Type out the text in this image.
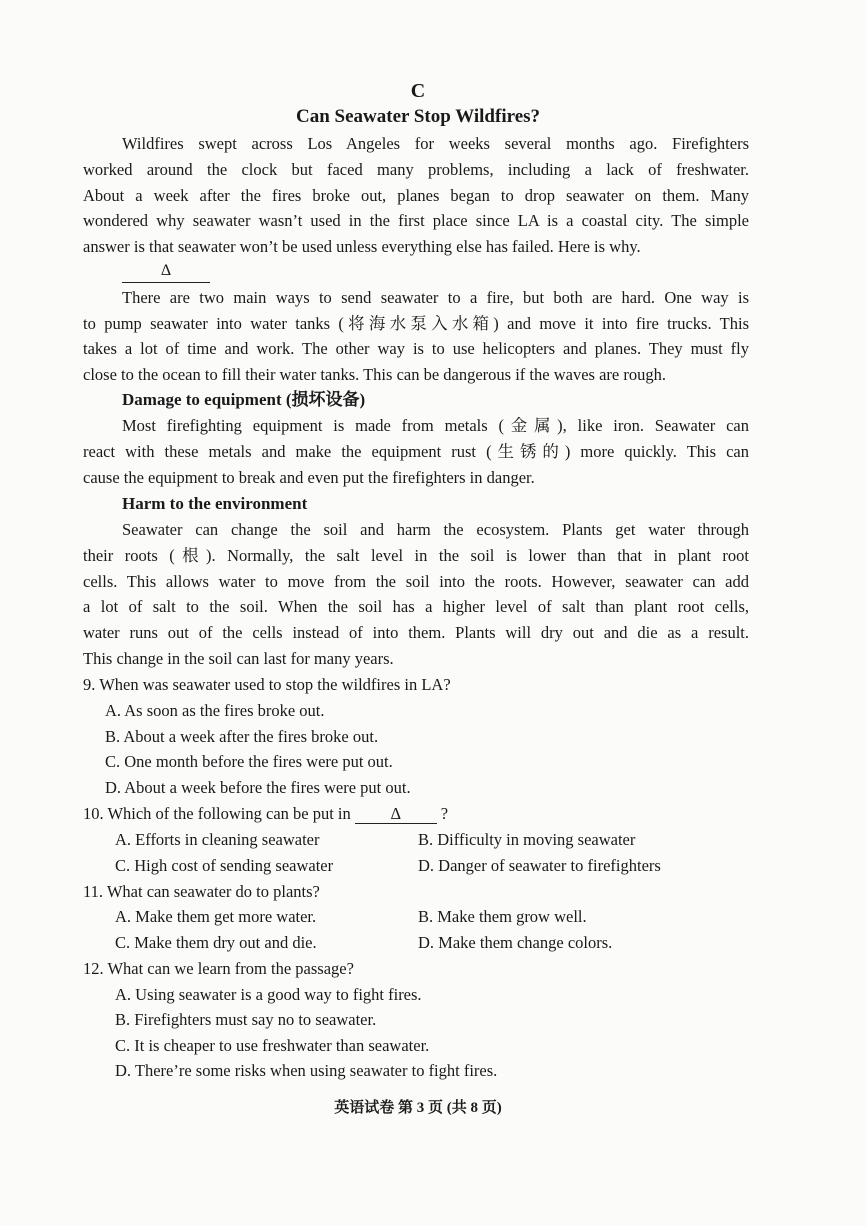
C
Can Seawater Stop Wildfires?
Wildfires swept across Los Angeles for weeks several months ago. Firefighters
worked around the clock but faced many problems, including a lack of freshwater.
About a week after the fires broke out, planes began to drop seawater on them. Many
wondered why seawater wasn’t used in the first place since LA is a coastal city. The simple
answer is that seawater won’t be used unless everything else has failed. Here is why.
Δ
There are two main ways to send seawater to a fire, but both are hard. One way is
to pump seawater into water tanks (将海水泵入水箱) and move it into fire trucks. This
takes a lot of time and work. The other way is to use helicopters and planes. They must fly
close to the ocean to fill their water tanks. This can be dangerous if the waves are rough.
Damage to equipment (损坏设备)
Most firefighting equipment is made from metals (金属), like iron. Seawater can
react with these metals and make the equipment rust (生锈的) more quickly. This can
cause the equipment to break and even put the firefighters in danger.
Harm to the environment
Seawater can change the soil and harm the ecosystem. Plants get water through
their roots (根). Normally, the salt level in the soil is lower than that in plant root
cells. This allows water to move from the soil into the roots. However, seawater can add
a lot of salt to the soil. When the soil has a higher level of salt than plant root cells,
water runs out of the cells instead of into them. Plants will dry out and die as a result.
This change in the soil can last for many years.
9. When was seawater used to stop the wildfires in LA?
A. As soon as the fires broke out.
B. About a week after the fires broke out.
C. One month before the fires were put out.
D. About a week before the fires were put out.
10. Which of the following can be put in Δ ?
A. Efforts in cleaning seawater	B. Difficulty in moving seawater
C. High cost of sending seawater	D. Danger of seawater to firefighters
11. What can seawater do to plants?
A. Make them get more water.	B. Make them grow well.
C. Make them dry out and die.	D. Make them change colors.
12. What can we learn from the passage?
A. Using seawater is a good way to fight fires.
B. Firefighters must say no to seawater.
C. It is cheaper to use freshwater than seawater.
D. There’re some risks when using seawater to fight fires.
英语试卷 第 3 页 (共 8 页)
